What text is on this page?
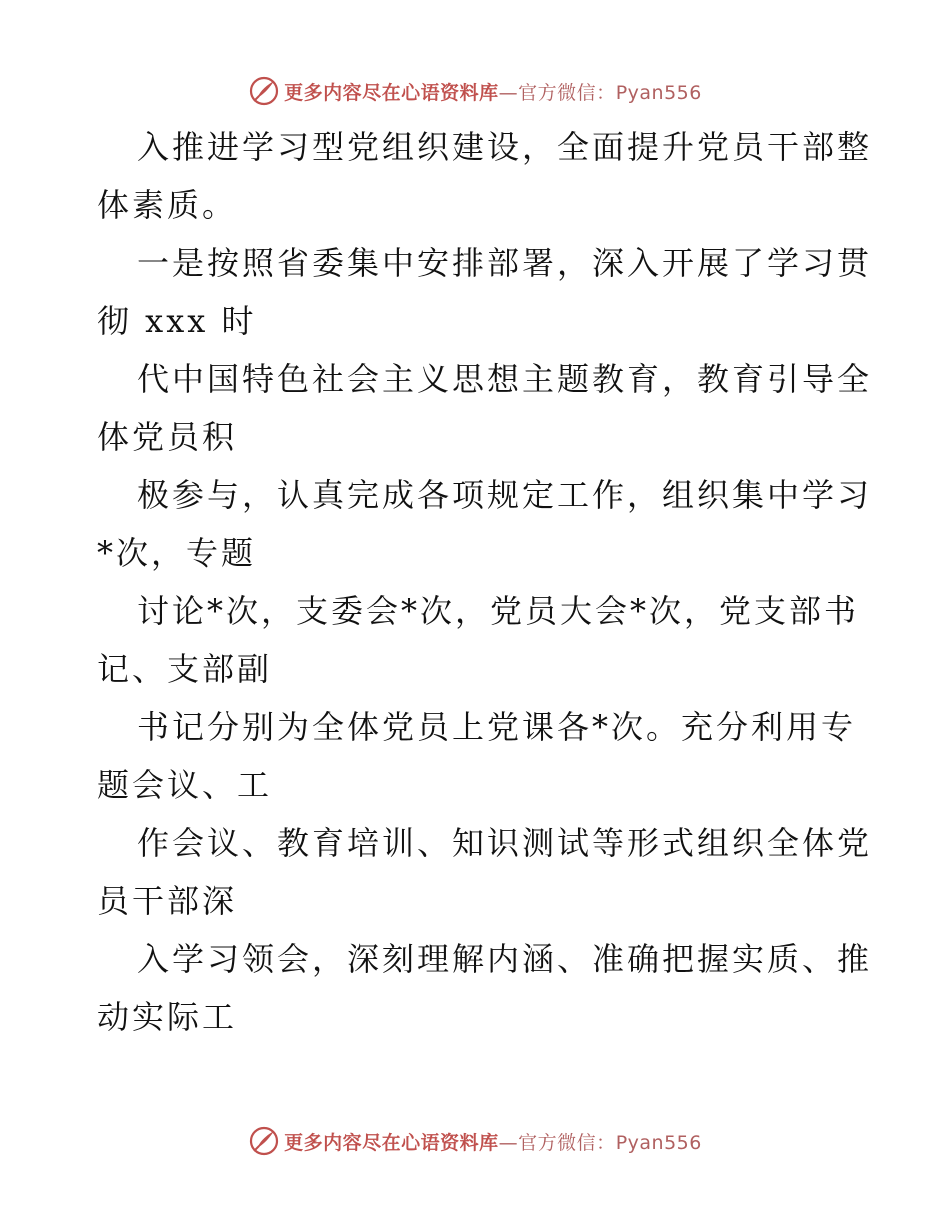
更多内容尽在心语资料库—官方微信：Pyan556
入推进学习型党组织建设，全面提升党员干部整
体素质。
一是按照省委集中安排部署，深入开展了学习贯
彻 xxx 时
代中国特色社会主义思想主题教育，教育引导全
体党员积
极参与，认真完成各项规定工作，组织集中学习
*次，专题
讨论*次，支委会*次，党员大会*次，党支部书
记、支部副
书记分别为全体党员上党课各*次。充分利用专
题会议、工
作会议、教育培训、知识测试等形式组织全体党
员干部深
入学习领会，深刻理解内涵、准确把握实质、推
动实际工
更多内容尽在心语资料库—官方微信：Pyan556
